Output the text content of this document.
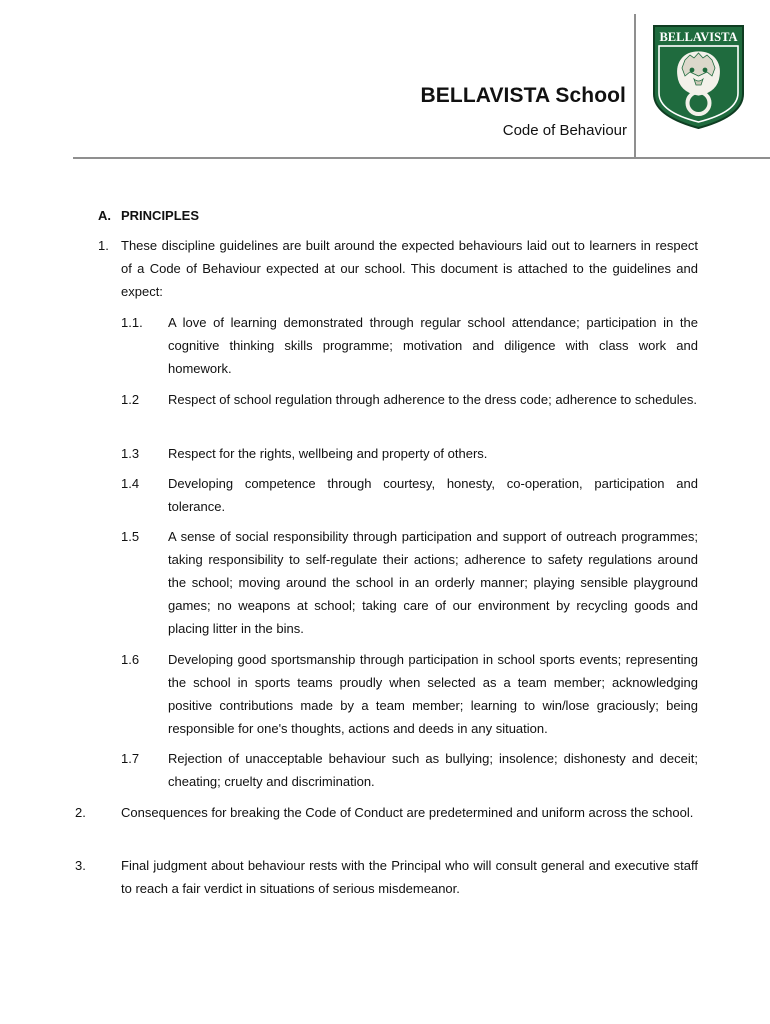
BELLAVISTA School
Code of Behaviour
BELLAVISTA
A. PRINCIPLES
1. These discipline guidelines are built around the expected behaviours laid out to learners in respect of a Code of Behaviour expected at our school. This document is attached to the guidelines and expect:
1.1.	A love of learning demonstrated through regular school attendance; participation in the cognitive thinking skills programme; motivation and diligence with class work and homework.
1.2	Respect of school regulation through adherence to the dress code; adherence to schedules.
1.3	Respect for the rights, wellbeing and property of others.
1.4	Developing competence through courtesy, honesty, co-operation, participation and tolerance.
1.5	A sense of social responsibility through participation and support of outreach programmes; taking responsibility to self-regulate their actions; adherence to safety regulations around the school; moving around the school in an orderly manner; playing sensible playground games; no weapons at school; taking care of our environment by recycling goods and placing litter in the bins.
1.6	Developing good sportsmanship through participation in school sports events; representing the school in sports teams proudly when selected as a team member; acknowledging positive contributions made by a team member; learning to win/lose graciously; being responsible for one's thoughts, actions and deeds in any situation.
1.7	Rejection of unacceptable behaviour such as bullying; insolence; dishonesty and deceit; cheating; cruelty and discrimination.
2.	Consequences for breaking the Code of Conduct are predetermined and uniform across the school.
3.	Final judgment about behaviour rests with the Principal who will consult general and executive staff to reach a fair verdict in situations of serious misdemeanor.
